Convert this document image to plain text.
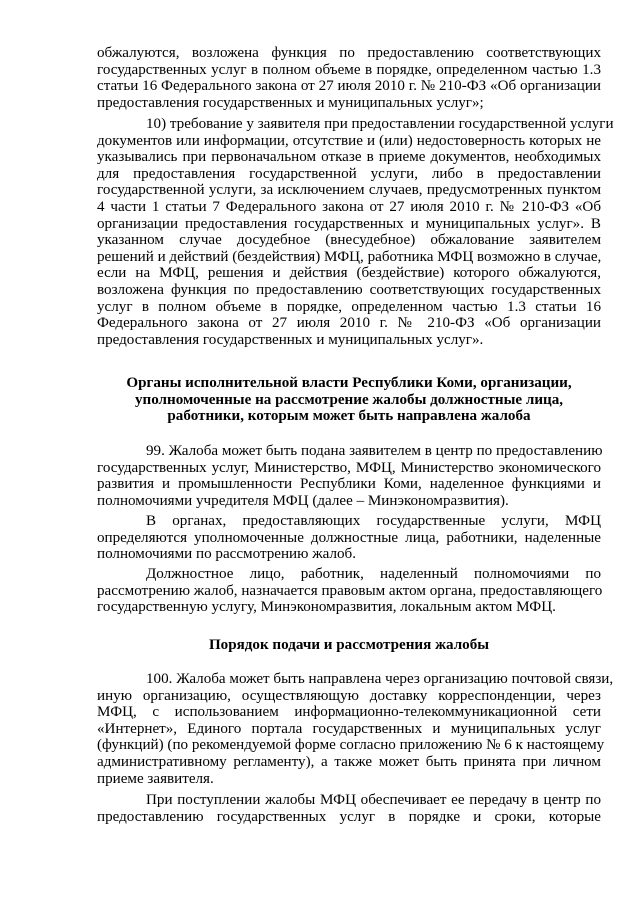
обжалуются, возложена функция по предоставлению соответствующих
государственных услуг в полном объеме в порядке, определенном частью 1.3
статьи 16 Федерального закона от 27 июля 2010 г. № 210-ФЗ «Об организации
предоставления государственных и муниципальных услуг»;
10) требование у заявителя при предоставлении государственной услуги
документов или информации, отсутствие и (или) недостоверность которых не
указывались при первоначальном отказе в приеме документов, необходимых
для предоставления государственной услуги, либо в предоставлении
государственной услуги, за исключением случаев, предусмотренных пунктом
4 части 1 статьи 7 Федерального закона от 27 июля 2010 г. № 210-ФЗ «Об
организации предоставления государственных и муниципальных услуг». В
указанном случае досудебное (внесудебное) обжалование заявителем
решений и действий (бездействия) МФЦ, работника МФЦ возможно в случае,
если на МФЦ, решения и действия (бездействие) которого обжалуются,
возложена функция по предоставлению соответствующих государственных
услуг в полном объеме в порядке, определенном частью 1.3 статьи 16
Федерального закона от 27 июля 2010 г. № 210-ФЗ «Об организации
предоставления государственных и муниципальных услуг».
Органы исполнительной власти Республики Коми, организации,
уполномоченные на рассмотрение жалобы должностные лица,
работники, которым может быть направлена жалоба
99. Жалоба может быть подана заявителем в центр по предоставлению
государственных услуг, Министерство, МФЦ, Министерство экономического
развития и промышленности Республики Коми, наделенное функциями и
полномочиями учредителя МФЦ (далее – Минэкономразвития).
В органах, предоставляющих государственные услуги, МФЦ
определяются уполномоченные должностные лица, работники, наделенные
полномочиями по рассмотрению жалоб.
Должностное лицо, работник, наделенный полномочиями по
рассмотрению жалоб, назначается правовым актом органа, предоставляющего
государственную услугу, Минэкономразвития, локальным актом МФЦ.
Порядок подачи и рассмотрения жалобы
100. Жалоба может быть направлена через организацию почтовой связи,
иную организацию, осуществляющую доставку корреспонденции, через
МФЦ, с использованием информационно-телекоммуникационной сети
«Интернет», Единого портала государственных и муниципальных услуг
(функций) (по рекомендуемой форме согласно приложению № 6 к настоящему
административному регламенту), а также может быть принята при личном
приеме заявителя.
При поступлении жалобы МФЦ обеспечивает ее передачу в центр по
предоставлению государственных услуг в порядке и сроки, которые
